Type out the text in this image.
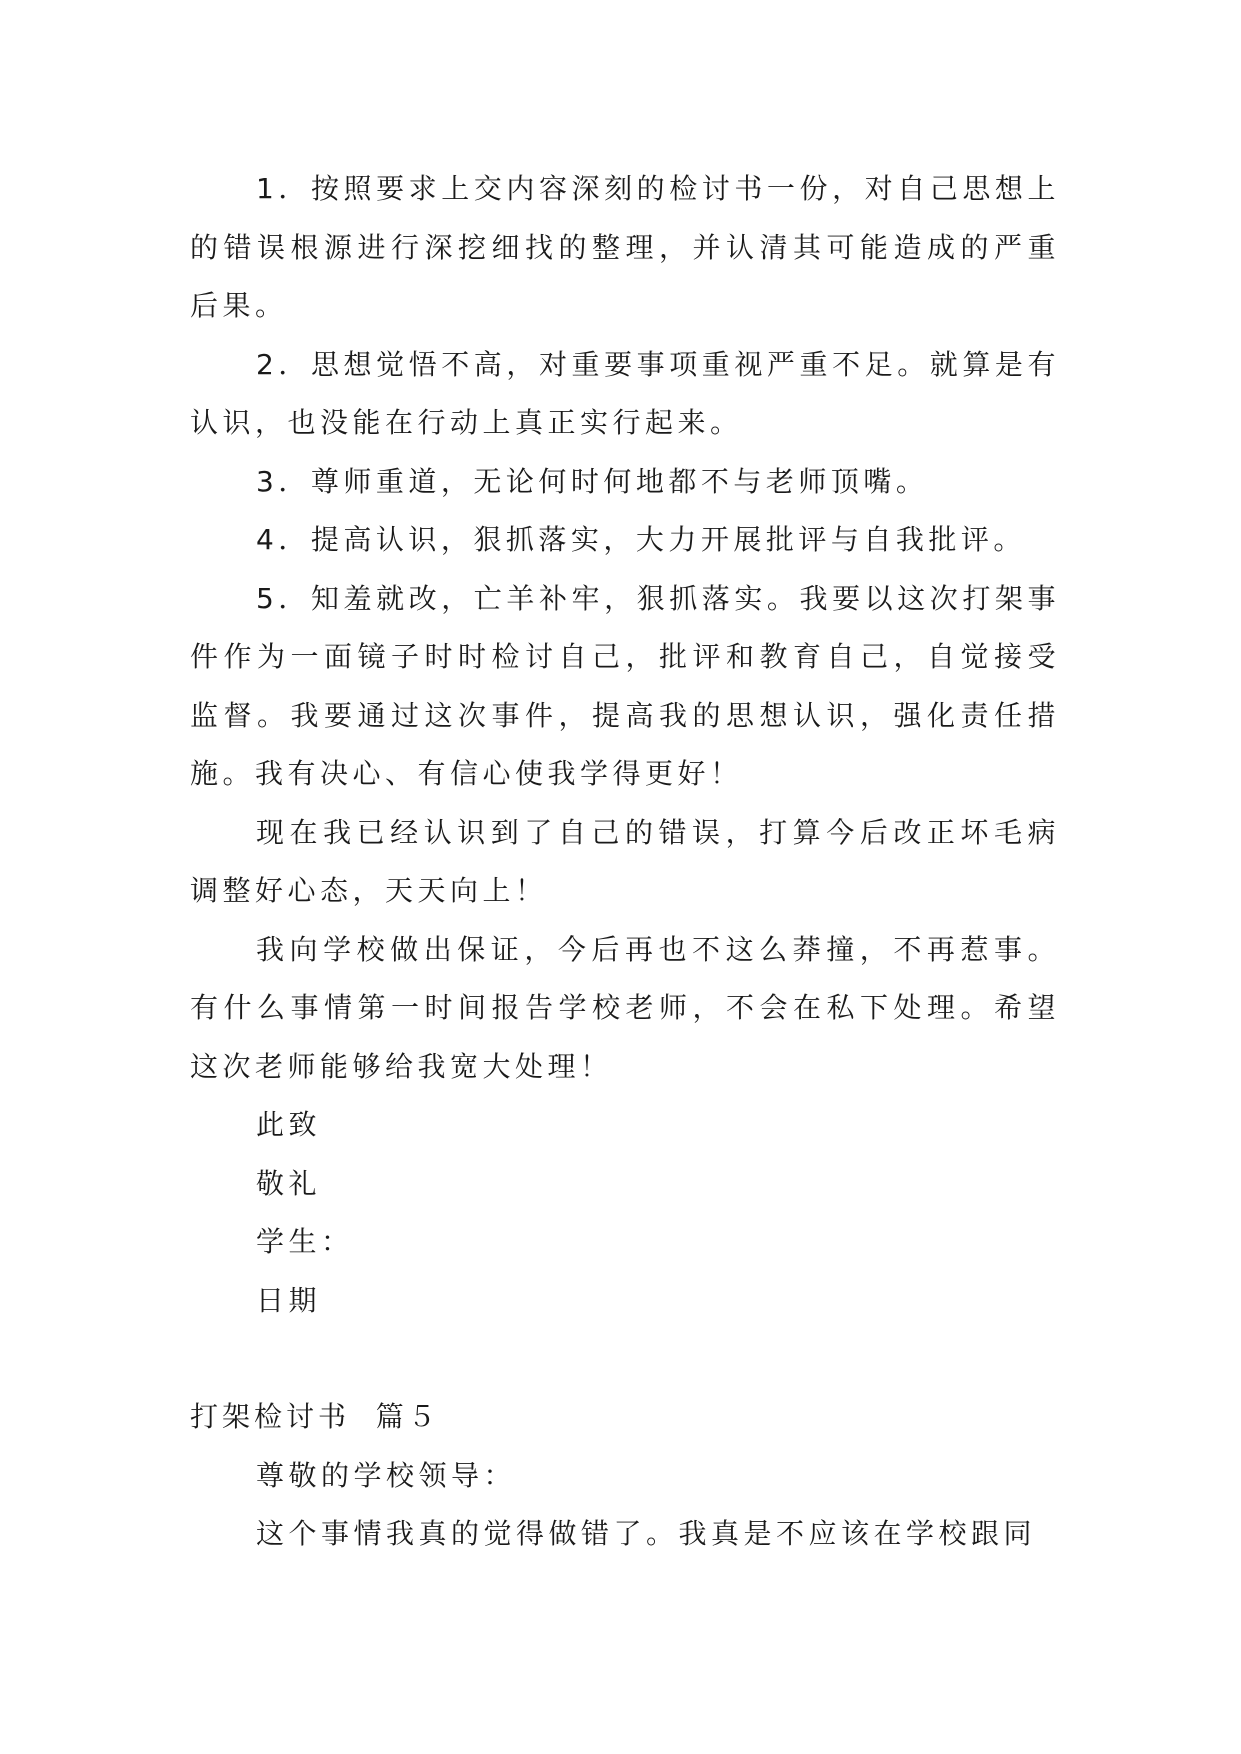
1．按照要求上交内容深刻的检讨书一份，对自己思想上的错误根源进行深挖细找的整理，并认清其可能造成的严重后果。

2．思想觉悟不高，对重要事项重视严重不足。就算是有认识，也没能在行动上真正实行起来。

3．尊师重道，无论何时何地都不与老师顶嘴。

4．提高认识，狠抓落实，大力开展批评与自我批评。

5．知羞就改，亡羊补牢，狠抓落实。我要以这次打架事件作为一面镜子时时检讨自己，批评和教育自己，自觉接受监督。我要通过这次事件，提高我的思想认识，强化责任措施。我有决心、有信心使我学得更好！

现在我已经认识到了自己的错误，打算今后改正坏毛病调整好心态，天天向上！

我向学校做出保证，今后再也不这么莽撞，不再惹事。有什么事情第一时间报告学校老师，不会在私下处理。希望这次老师能够给我宽大处理！

此致

敬礼

学生：

日期

打架检讨书  篇５

尊敬的学校领导：

这个事情我真的觉得做错了。我真是不应该在学校跟同
